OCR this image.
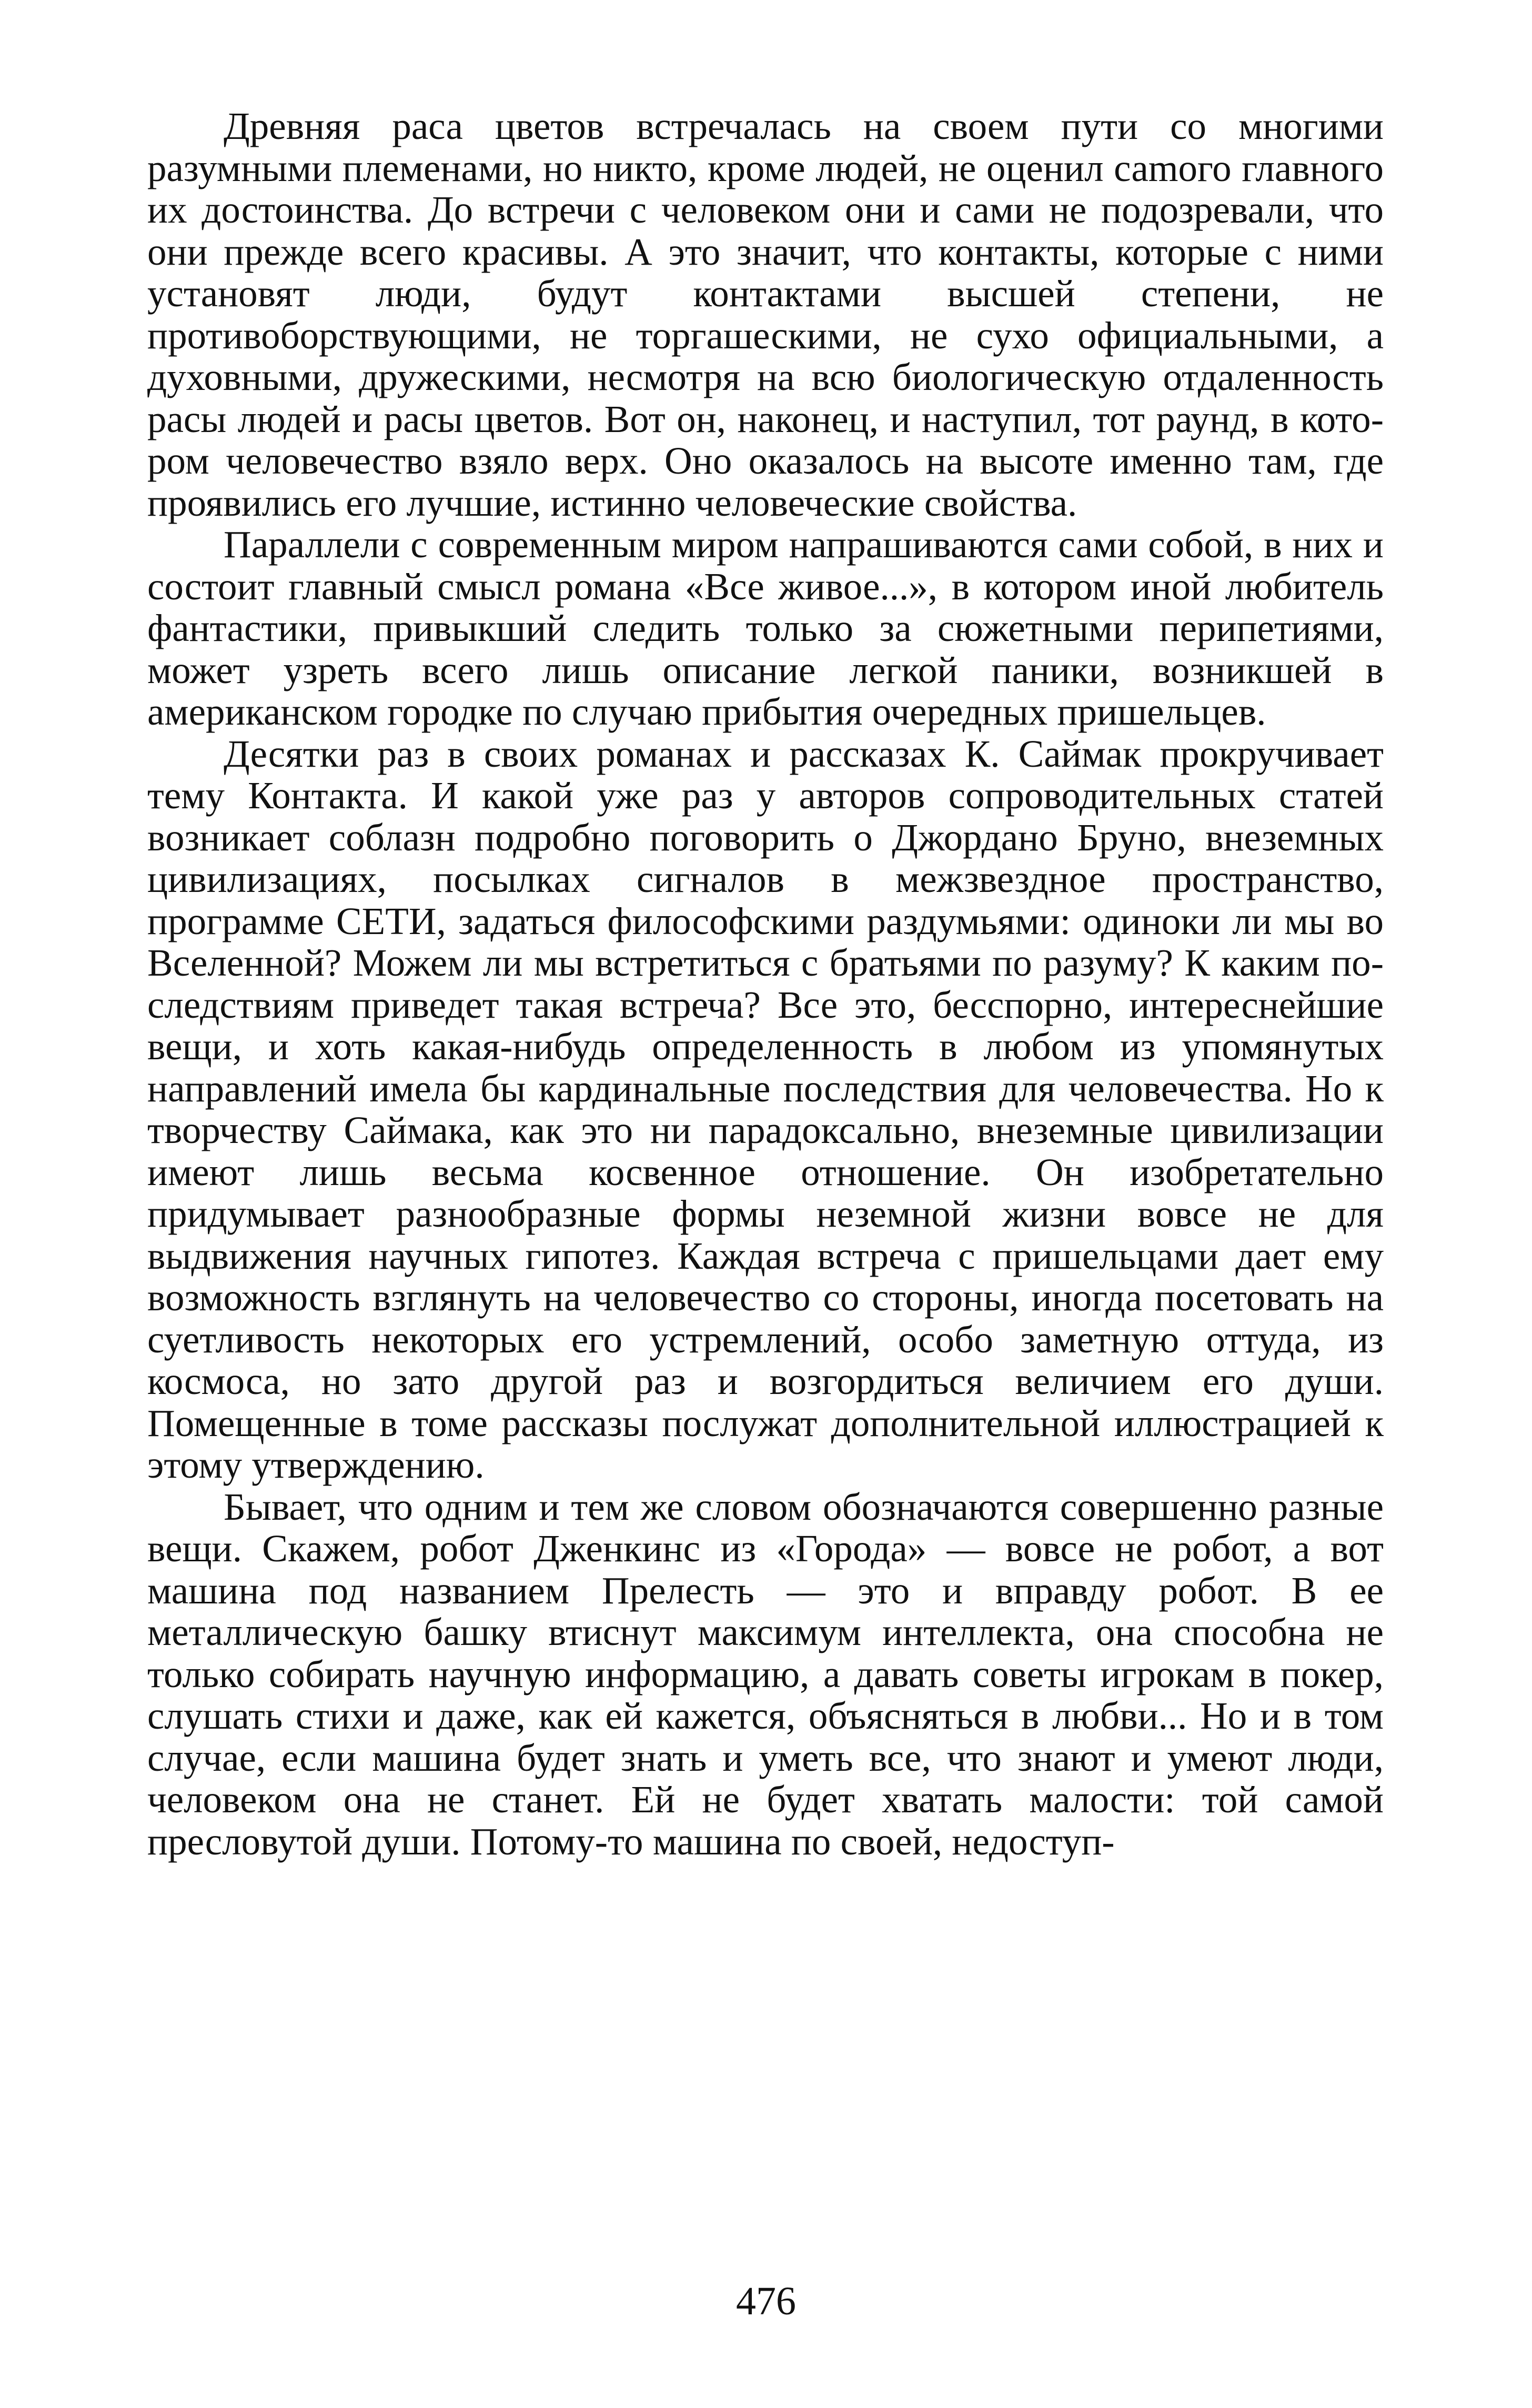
Древняя раса цветов встречалась на своем пути со многими разумными племенами, но никто, кроме людей, не оценил саmого главного их достоинства. До встречи с человеком они и сами не подозревали, что они прежде всего красивы. А это значит, что контакты, которые с ними установят люди, будут контактами высшей степени, не противоборствующими, не торгашескими, не сухо официальными, а духовными, дружескими, несмотря на всю биологическую отдаленность расы людей и расы цветов. Вот он, наконец, и наступил, тот раунд, в котором человечество взяло верх. Оно оказалось на высоте именно там, где проявились его лучшие, истинно человеческие свойства.

Параллели с современным миром напрашиваются сами собой, в них и состоит главный смысл романа «Все живое...», в котором иной любитель фантастики, привыкший следить только за сюжетными перипетиями, может узреть всего лишь описание легкой паники, возникшей в американском городке по случаю прибытия очередных пришельцев.

Десятки раз в своих романах и рассказах К. Саймак прокручивает тему Контакта. И какой уже раз у авторов сопроводительных статей возникает соблазн подробно поговорить о Джордано Бруно, внеземных цивилизациях, посылках сигналов в межзвездное пространство, программе СЕТИ, задаться философскими раздумьями: одиноки ли мы во Вселенной? Можем ли мы встретиться с братьями по разуму? К каким последствиям приведет такая встреча? Все это, бесспорно, интереснейшие вещи, и хоть какая-нибудь определенность в любом из упомянутых направлений имела бы кардинальные последствия для человечества. Но к творчеству Саймака, как это ни парадоксально, внеземные цивилизации имеют лишь весьма косвенное отношение. Он изобретательно придумывает разнообразные формы неземной жизни вовсе не для выдвижения научных гипотез. Каждая встреча с пришельцами дает ему возможность взглянуть на человечество со стороны, иногда посетовать на суетливость некоторых его устремлений, особо заметную оттуда, из космоса, но зато другой раз и возгордиться величием его души. Помещенные в томе рассказы послужат дополнительной иллюстрацией к этому утверждению.

Бывает, что одним и тем же словом обозначаются совершенно разные вещи. Скажем, робот Дженкинс из «Города» — вовсе не робот, а вот машина под названием Прелесть — это и вправду робот. В ее металлическую башку втиснут максимум интеллекта, она способна не только собирать научную информацию, а давать советы игрокам в покер, слушать стихи и даже, как ей кажется, объясняться в любви... Но и в том случае, если машина будет знать и уметь все, что знают и умеют люди, человеком она не станет. Ей не будет хватать малости: той самой пресловутой души. Потому-то машина по своей, недоступ-

476
